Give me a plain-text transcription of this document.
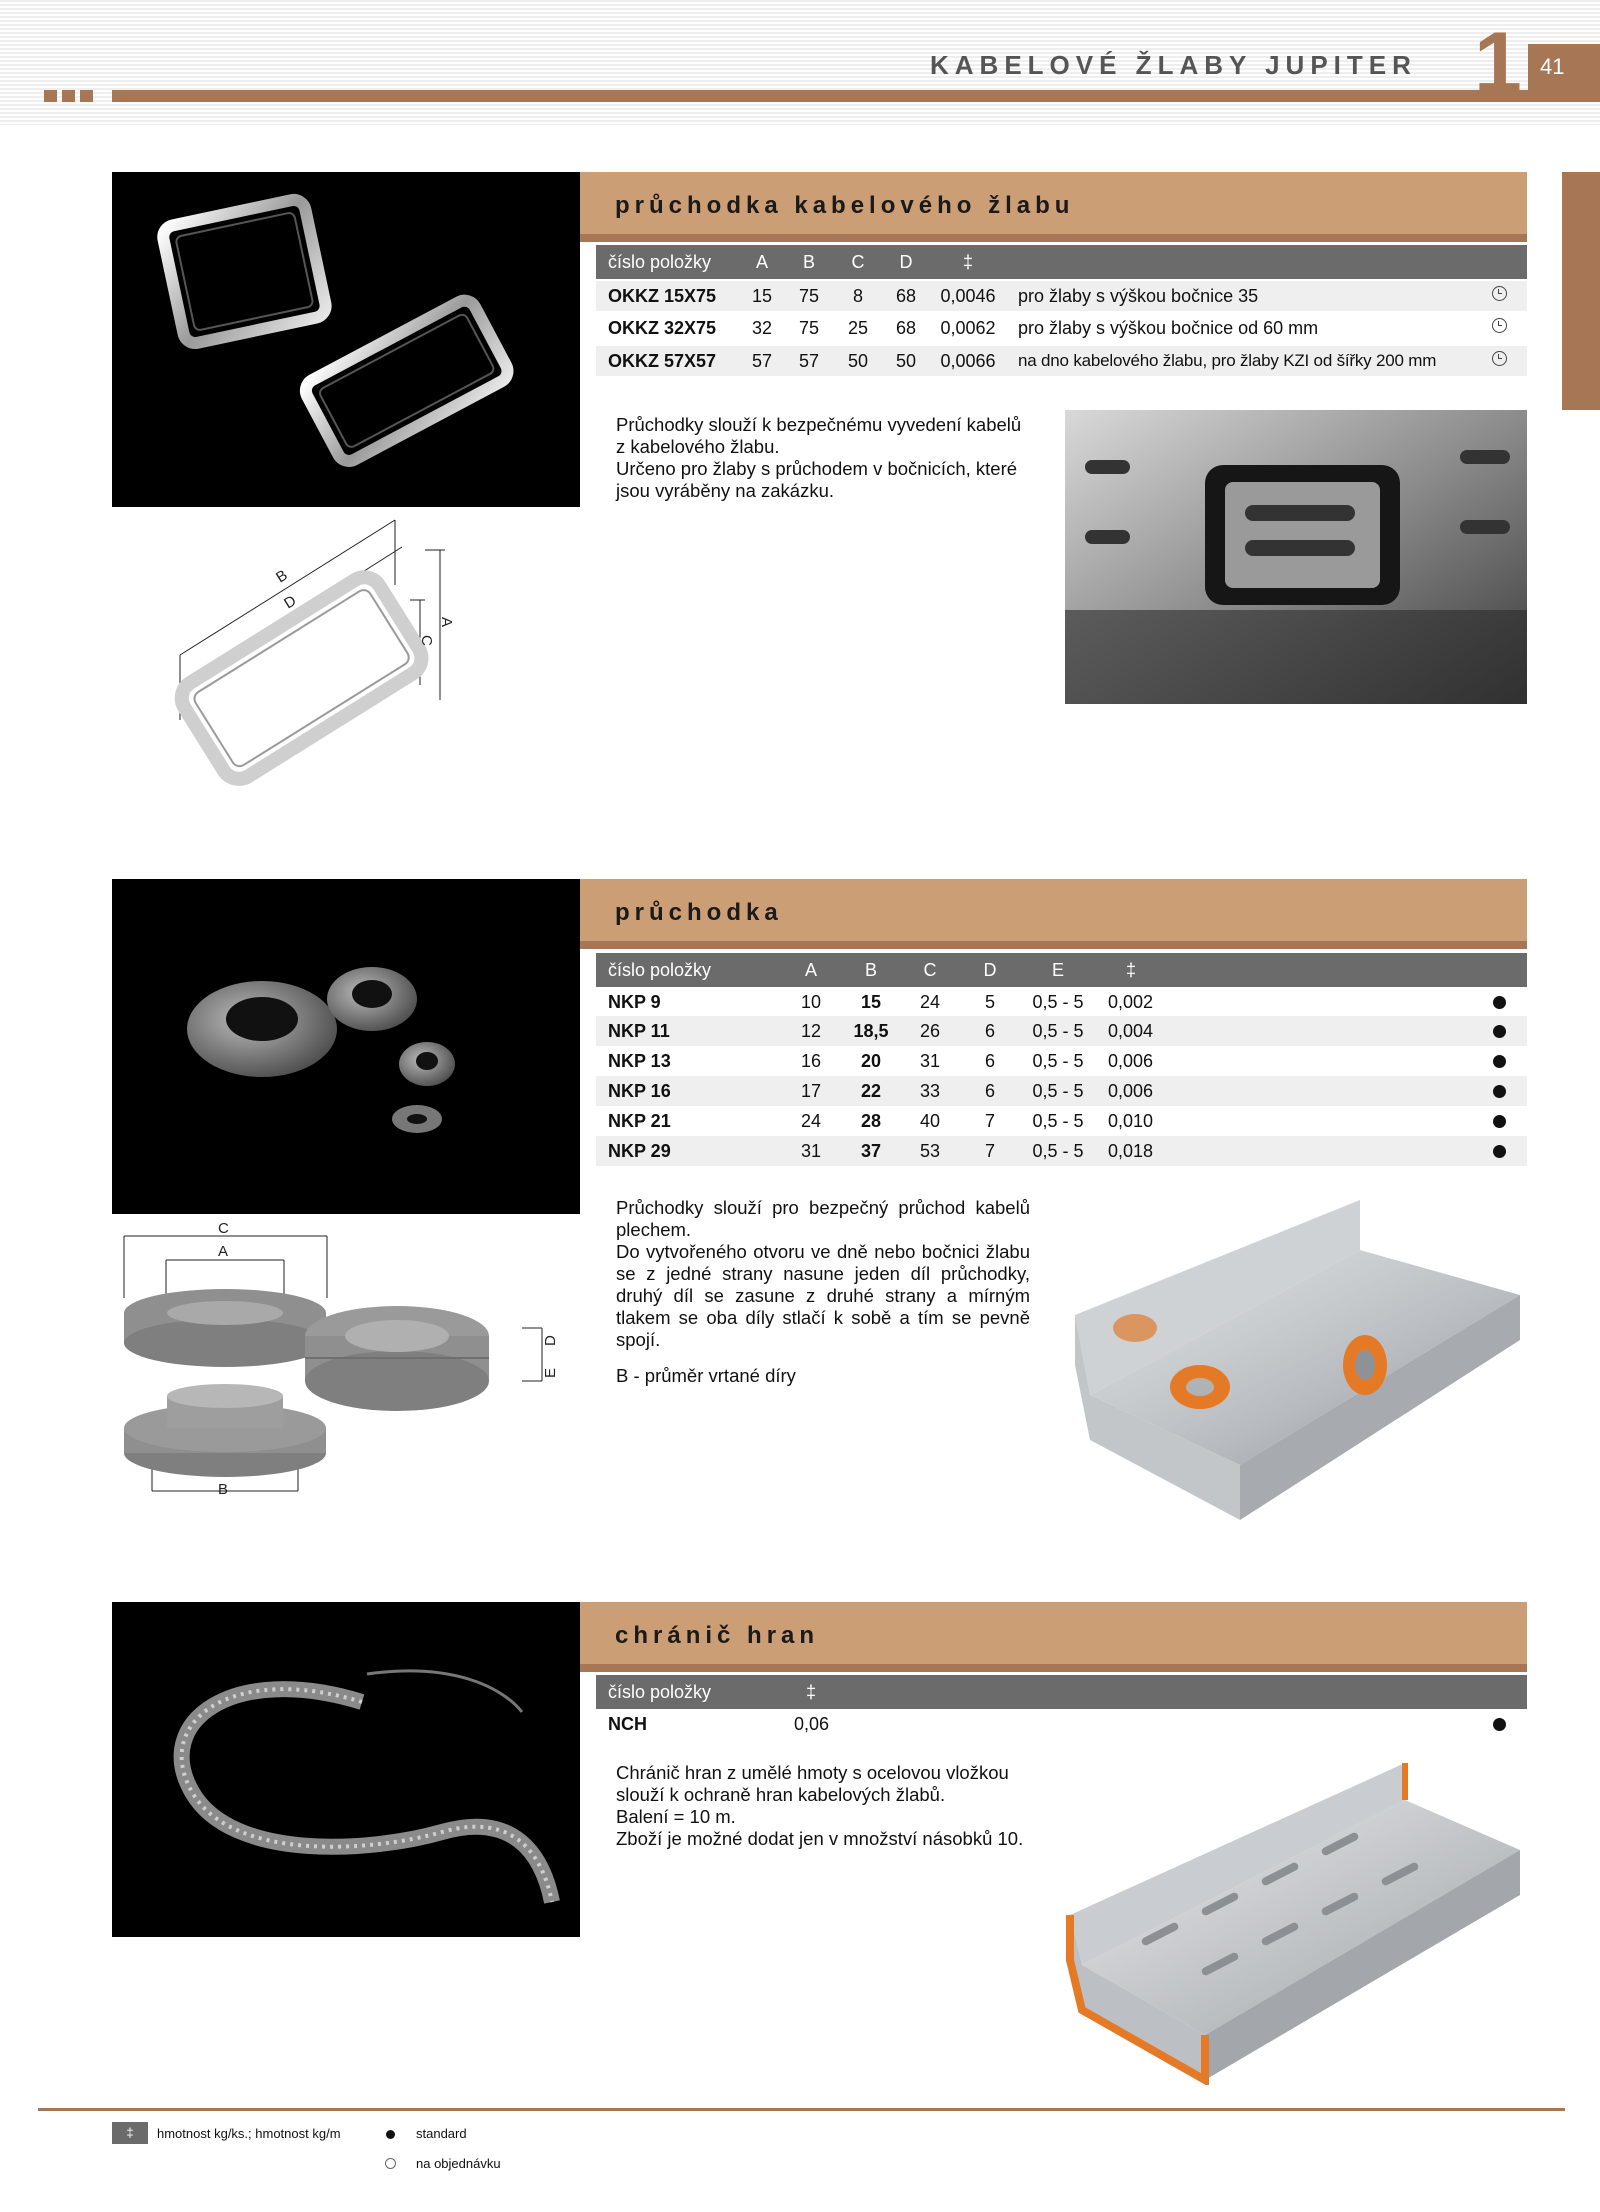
KABELOVÉ ŽLABY JUPITER 1 41
průchodka kabelového žlabu
číslo položky A B C D	‡
OKKZ 15X75 15 75 8 68 0,0046 pro žlaby s výškou bočnice 35
OKKZ 32X75 32 75 25 68 0,0062 pro žlaby s výškou bočnice od 60 mm
OKKZ 57X57 57 57 50 50 0,0066 na dno kabelového žlabu, pro žlaby KZI od šířky 200 mm

Průchodky slouží k bezpečnému vyvedení kabelů

z kabelového žlabu.

Určeno pro žlaby s průchodem v bočnicích, které

jsou vyráběny na zakázku.

B
D
A
C
průchodka
číslo položky	A	B	C	D	E	‡
NKP 9	10 15 24 5 0,5 - 5 0,002
NKP 11	12 18,5 26 6 0,5 - 5 0,004
NKP 13	16 20 31 6 0,5 - 5 0,006
NKP 16	17 22 33 6 0,5 - 5 0,006
NKP 21	24 28 40 7 0,5 - 5 0,010
NKP 29	31 37 53 7 0,5 - 5 0,018

Průchodky slouží pro bezpečný průchod kabelů plechem.

Do vytvořeného otvoru ve dně nebo bočnici žlabu se z jedné strany nasune jeden díl průchodky, druhý díl se zasune z druhé strany a mírným tlakem se oba díly stlačí k sobě a tím se pevně spojí.

B - průměr vrtané díry

C
A
B
D
E
chránič hran
číslo položky	‡
NCH	0,06

Chránič hran z umělé hmoty s ocelovou vložkou

slouží k ochraně hran kabelových žlabů.

Balení = 10 m.

Zboží je možné dodat jen v množství násobků 10.

‡	hmotnost kg/ks.; hmotnost kg/m	standard
na objednávku
